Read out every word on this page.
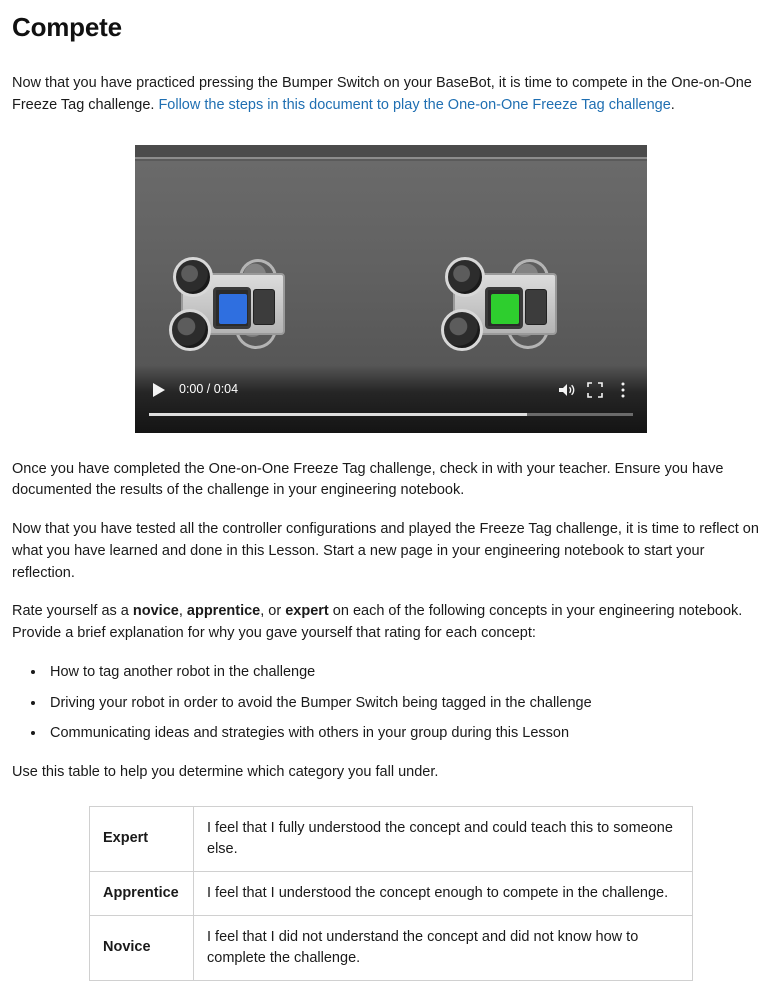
Compete

Now that you have practiced pressing the Bumper Switch on your BaseBot, it is time to compete in the One-on-One Freeze Tag challenge. Follow the steps in this document to play the One-on-One Freeze Tag challenge.

0:00 / 0:04

Once you have completed the One-on-One Freeze Tag challenge, check in with your teacher. Ensure you have documented the results of the challenge in your engineering notebook.

Now that you have tested all the controller configurations and played the Freeze Tag challenge, it is time to reflect on what you have learned and done in this Lesson. Start a new page in your engineering notebook to start your reflection.

Rate yourself as a novice, apprentice, or expert on each of the following concepts in your engineering notebook. Provide a brief explanation for why you gave yourself that rating for each concept:

• How to tag another robot in the challenge
• Driving your robot in order to avoid the Bumper Switch being tagged in the challenge
• Communicating ideas and strategies with others in your group during this Lesson

Use this table to help you determine which category you fall under.

Expert	I feel that I fully understood the concept and could teach this to someone else.
Apprentice	I feel that I understood the concept enough to compete in the challenge.
Novice	I feel that I did not understand the concept and did not know how to complete the challenge.
